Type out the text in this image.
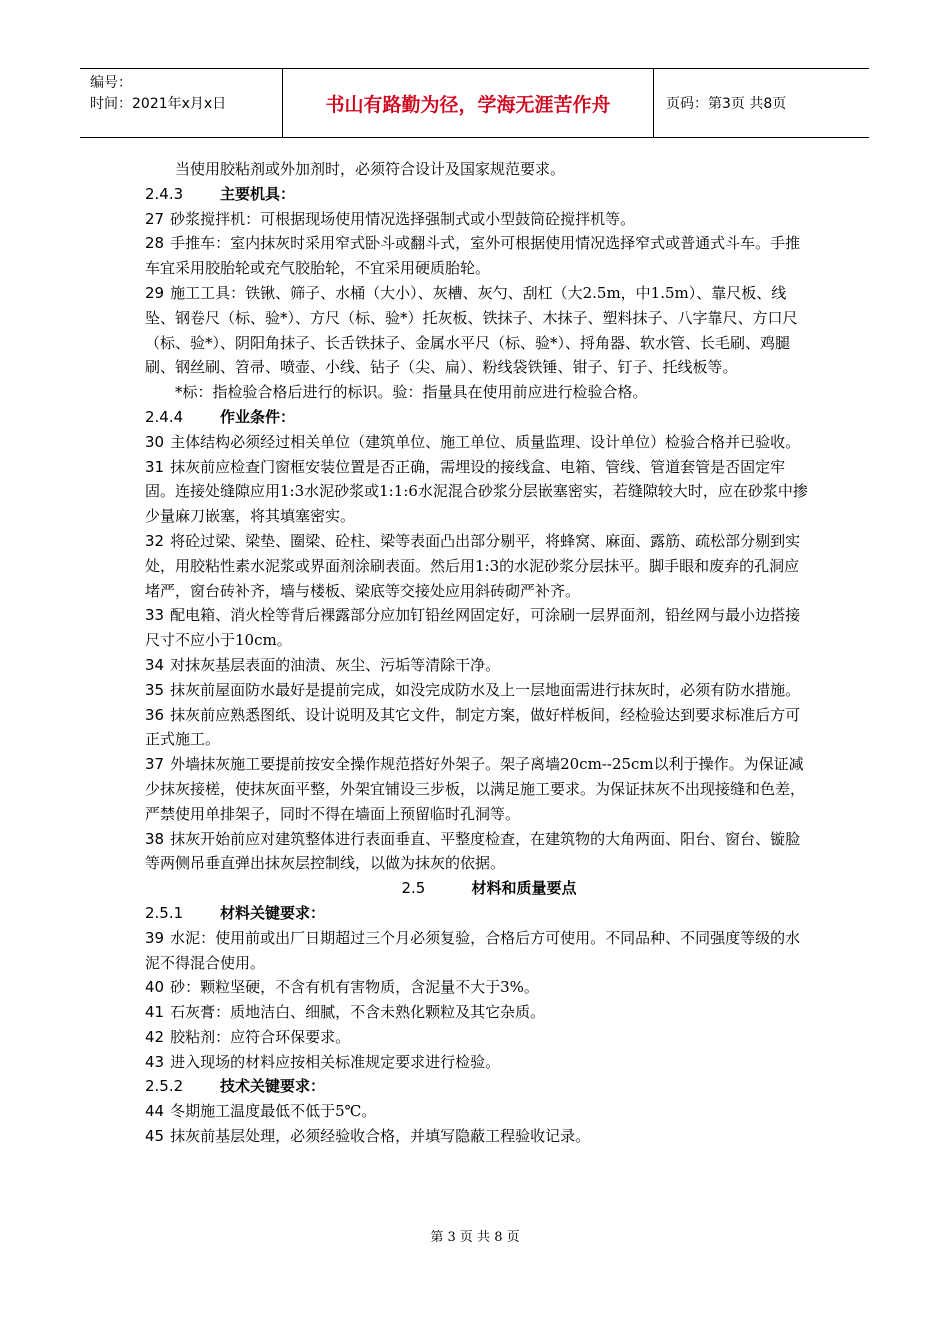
编号：
时间：2021年x月x日	书山有路勤为径，学海无涯苦作舟	页码：第3页 共8页

当使用胶粘剂或外加剂时，必须符合设计及国家规范要求。

2.4.3	主要机具：

27 砂浆搅拌机：可根据现场使用情况选择强制式或小型鼓筒砼搅拌机等。

28 手推车：室内抹灰时采用窄式卧斗或翻斗式，室外可根据使用情况选择窄式或普通式斗车。手推车宜采用胶胎轮或充气胶胎轮，不宜采用硬质胎轮。

29 施工工具：铁锹、筛子、水桶（大小）、灰槽、灰勺、刮杠（大2.5m，中1.5m）、靠尺板、线坠、钢卷尺（标、验*）、方尺（标、验*）托灰板、铁抹子、木抹子、塑料抹子、八字靠尺、方口尺（标、验*）、阴阳角抹子、长舌铁抹子、金属水平尺（标、验*）、捋角器、软水管、长毛刷、鸡腿刷、钢丝刷、笤帚、喷壶、小线、钻子（尖、扁）、粉线袋铁锤、钳子、钉子、托线板等。

*标：指检验合格后进行的标识。验：指量具在使用前应进行检验合格。

2.4.4	作业条件：

30 主体结构必须经过相关单位（建筑单位、施工单位、质量监理、设计单位）检验合格并已验收。

31 抹灰前应检查门窗框安装位置是否正确，需埋设的接线盒、电箱、管线、管道套管是否固定牢固。连接处缝隙应用1:3水泥砂浆或1:1:6水泥混合砂浆分层嵌塞密实，若缝隙较大时，应在砂浆中掺少量麻刀嵌塞，将其填塞密实。

32 将砼过梁、梁垫、圈梁、砼柱、梁等表面凸出部分剔平，将蜂窝、麻面、露筋、疏松部分剔到实处，用胶粘性素水泥浆或界面剂涂刷表面。然后用1:3的水泥砂浆分层抹平。脚手眼和废弃的孔洞应堵严，窗台砖补齐，墙与楼板、梁底等交接处应用斜砖砌严补齐。

33 配电箱、消火栓等背后裸露部分应加钉铅丝网固定好，可涂刷一层界面剂，铅丝网与最小边搭接尺寸不应小于10cm。

34 对抹灰基层表面的油渍、灰尘、污垢等清除干净。

35 抹灰前屋面防水最好是提前完成，如没完成防水及上一层地面需进行抹灰时，必须有防水措施。

36 抹灰前应熟悉图纸、设计说明及其它文件，制定方案，做好样板间，经检验达到要求标准后方可正式施工。

37 外墙抹灰施工要提前按安全操作规范搭好外架子。架子离墙20cm--25cm以利于操作。为保证减少抹灰接槎，使抹灰面平整，外架宜铺设三步板，以满足施工要求。为保证抹灰不出现接缝和色差，严禁使用单排架子，同时不得在墙面上预留临时孔洞等。

38 抹灰开始前应对建筑整体进行表面垂直、平整度检查，在建筑物的大角两面、阳台、窗台、镟脸等两侧吊垂直弹出抹灰层控制线，以做为抹灰的依据。

2.5	材料和质量要点
2.5.1	材料关键要求：

39 水泥：使用前或出厂日期超过三个月必须复验，合格后方可使用。不同品种、不同强度等级的水泥不得混合使用。

40 砂：颗粒坚硬，不含有机有害物质，含泥量不大于3%。

41 石灰膏：质地洁白、细腻，不含未熟化颗粒及其它杂质。

42 胶粘剂：应符合环保要求。

43 进入现场的材料应按相关标准规定要求进行检验。

2.5.2	技术关键要求：

44 冬期施工温度最低不低于5℃。

45 抹灰前基层处理，必须经验收合格，并填写隐蔽工程验收记录。

第 3 页 共 8 页
